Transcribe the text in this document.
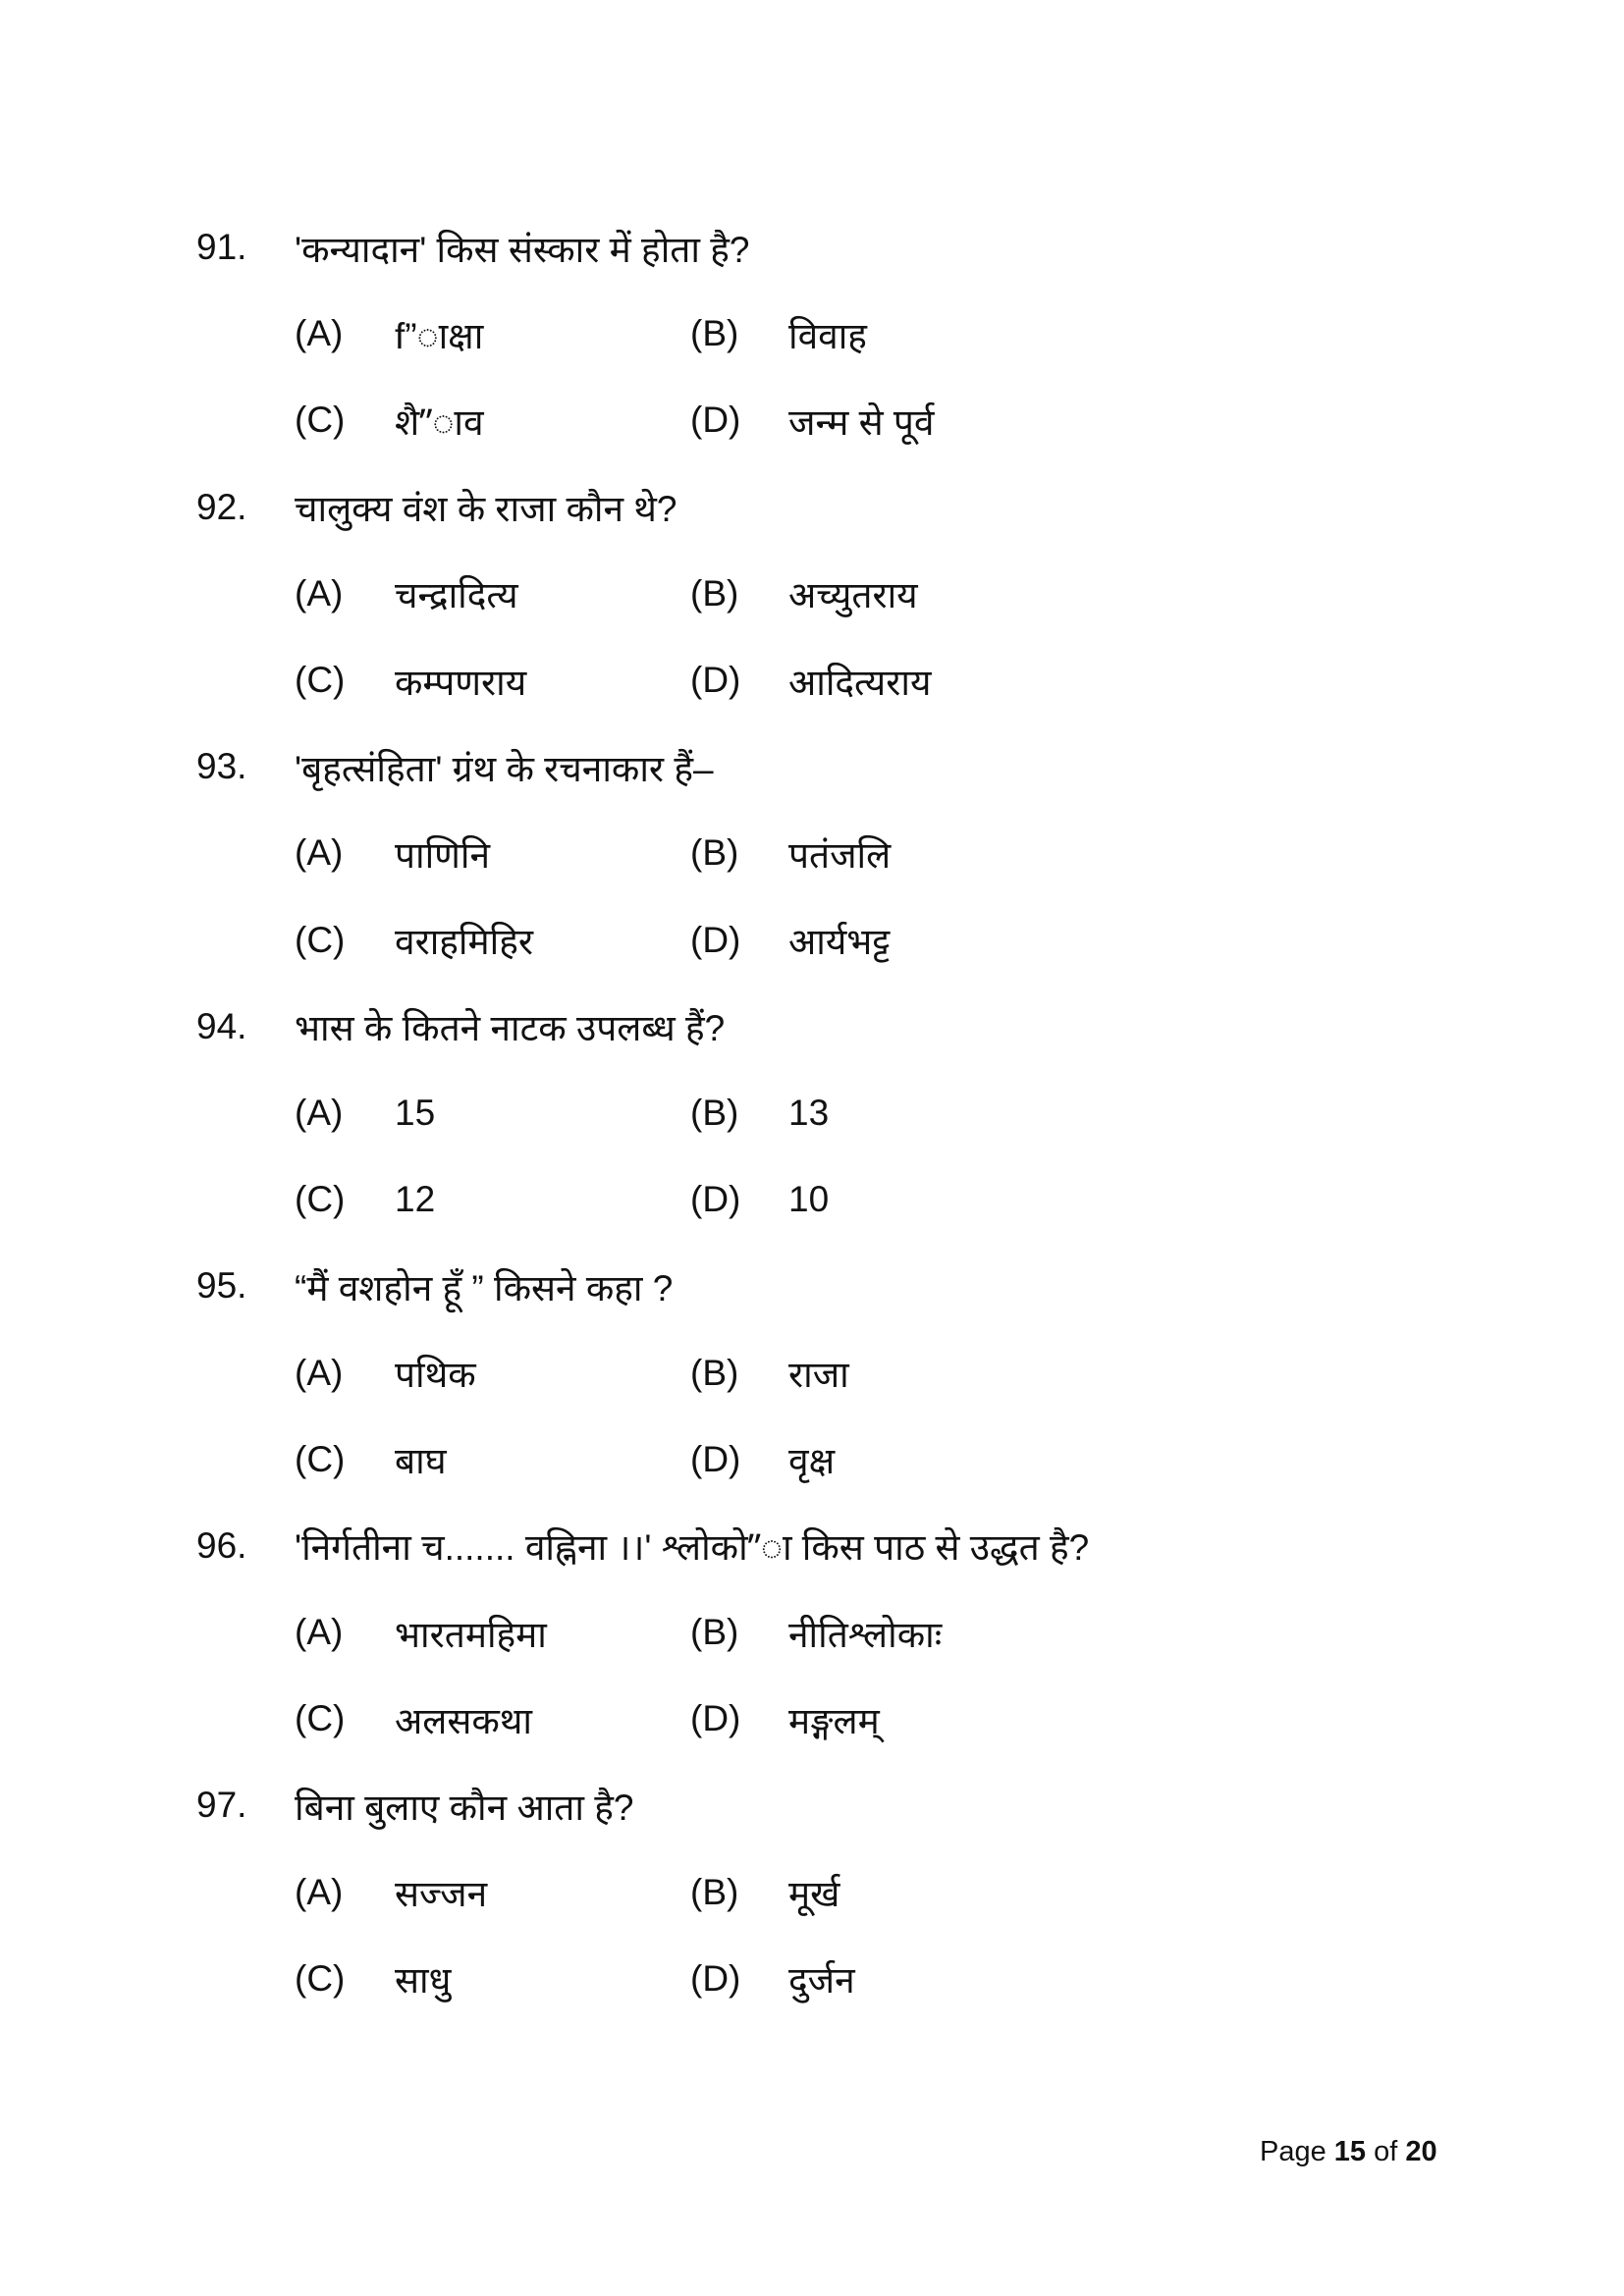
91.	'कन्यादान' किस संस्कार में होता है?
(A)	f”ाक्षा	(B)	विवाह
(C)	शै”ाव	(D)	जन्म से पूर्व
92.	चालुक्य वंश के राजा कौन थे?
(A)	चन्द्रादित्य	(B)	अच्युतराय
(C)	कम्पणराय	(D)	आदित्यराय
93.	'बृहत्संहिता' ग्रंथ के रचनाकार हैं–
(A)	पाणिनि	(B)	पतंजलि
(C)	वराहमिहिर	(D)	आर्यभट्ट
94.	भास के कितने नाटक उपलब्ध हैं?
(A)	15	(B)	13
(C)	12	(D)	10
95.	“मैं वशहोन हूँ ” किसने कहा ?
(A)	पथिक	(B)	राजा
(C)	बाघ	(D)	वृक्ष
96.	'निर्गतीना च....... वह्निना ।।' श्लोको”ा किस पाठ से उद्धत है?
(A)	भारतमहिमा	(B)	नीतिश्लोकाः
(C)	अलसकथा	(D)	मङ्गलम्
97.	बिना बुलाए कौन आता है?
(A)	सज्जन	(B)	मूर्ख
(C)	साधु	(D)	दुर्जन
Page 15 of 20
